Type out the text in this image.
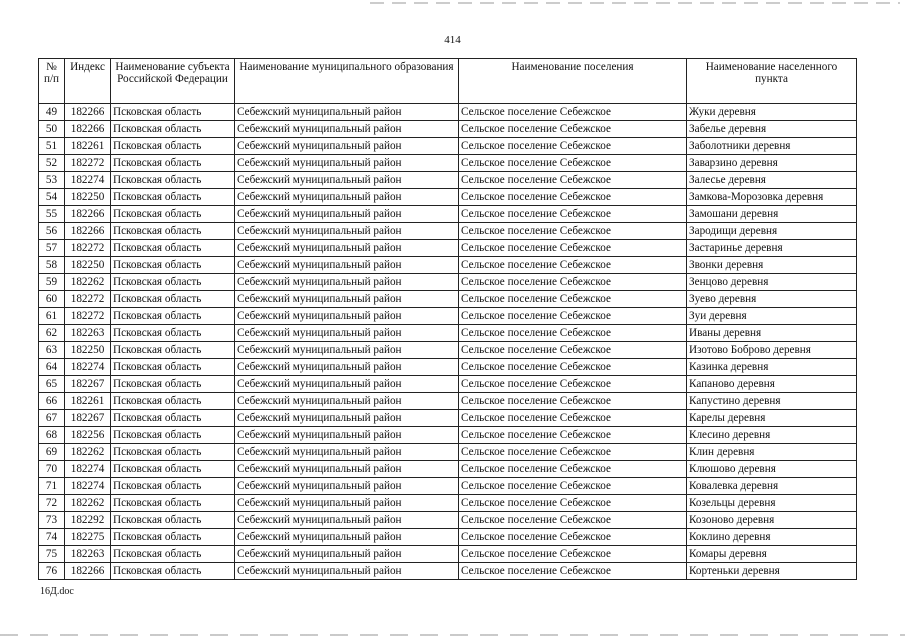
414
№ п/п	Индекс	Наименование субъекта Российской Федерации	Наименование муниципального образования	Наименование поселения	Наименование населенного пункта
49	182266	Псковская область	Себежский муниципальный район	Сельское поселение Себежское	Жуки деревня
50	182266	Псковская область	Себежский муниципальный район	Сельское поселение Себежское	Забелье деревня
51	182261	Псковская область	Себежский муниципальный район	Сельское поселение Себежское	Заболотники деревня
52	182272	Псковская область	Себежский муниципальный район	Сельское поселение Себежское	Заварзино деревня
53	182274	Псковская область	Себежский муниципальный район	Сельское поселение Себежское	Залесье деревня
54	182250	Псковская область	Себежский муниципальный район	Сельское поселение Себежское	Замкова-Морозовка деревня
55	182266	Псковская область	Себежский муниципальный район	Сельское поселение Себежское	Замошани деревня
56	182266	Псковская область	Себежский муниципальный район	Сельское поселение Себежское	Зародищи деревня
57	182272	Псковская область	Себежский муниципальный район	Сельское поселение Себежское	Застаринье деревня
58	182250	Псковская область	Себежский муниципальный район	Сельское поселение Себежское	Звонки деревня
59	182262	Псковская область	Себежский муниципальный район	Сельское поселение Себежское	Зенцово деревня
60	182272	Псковская область	Себежский муниципальный район	Сельское поселение Себежское	Зуево деревня
61	182272	Псковская область	Себежский муниципальный район	Сельское поселение Себежское	Зуи деревня
62	182263	Псковская область	Себежский муниципальный район	Сельское поселение Себежское	Иваны деревня
63	182250	Псковская область	Себежский муниципальный район	Сельское поселение Себежское	Изотово Боброво деревня
64	182274	Псковская область	Себежский муниципальный район	Сельское поселение Себежское	Казинка деревня
65	182267	Псковская область	Себежский муниципальный район	Сельское поселение Себежское	Капаново деревня
66	182261	Псковская область	Себежский муниципальный район	Сельское поселение Себежское	Капустино деревня
67	182267	Псковская область	Себежский муниципальный район	Сельское поселение Себежское	Карелы деревня
68	182256	Псковская область	Себежский муниципальный район	Сельское поселение Себежское	Клесино деревня
69	182262	Псковская область	Себежский муниципальный район	Сельское поселение Себежское	Клин деревня
70	182274	Псковская область	Себежский муниципальный район	Сельское поселение Себежское	Клюшово деревня
71	182274	Псковская область	Себежский муниципальный район	Сельское поселение Себежское	Ковалевка деревня
72	182262	Псковская область	Себежский муниципальный район	Сельское поселение Себежское	Козельцы деревня
73	182292	Псковская область	Себежский муниципальный район	Сельское поселение Себежское	Козоново деревня
74	182275	Псковская область	Себежский муниципальный район	Сельское поселение Себежское	Коклино деревня
75	182263	Псковская область	Себежский муниципальный район	Сельское поселение Себежское	Комары деревня
76	182266	Псковская область	Себежский муниципальный район	Сельское поселение Себежское	Кортеньки деревня
16Д.doc
